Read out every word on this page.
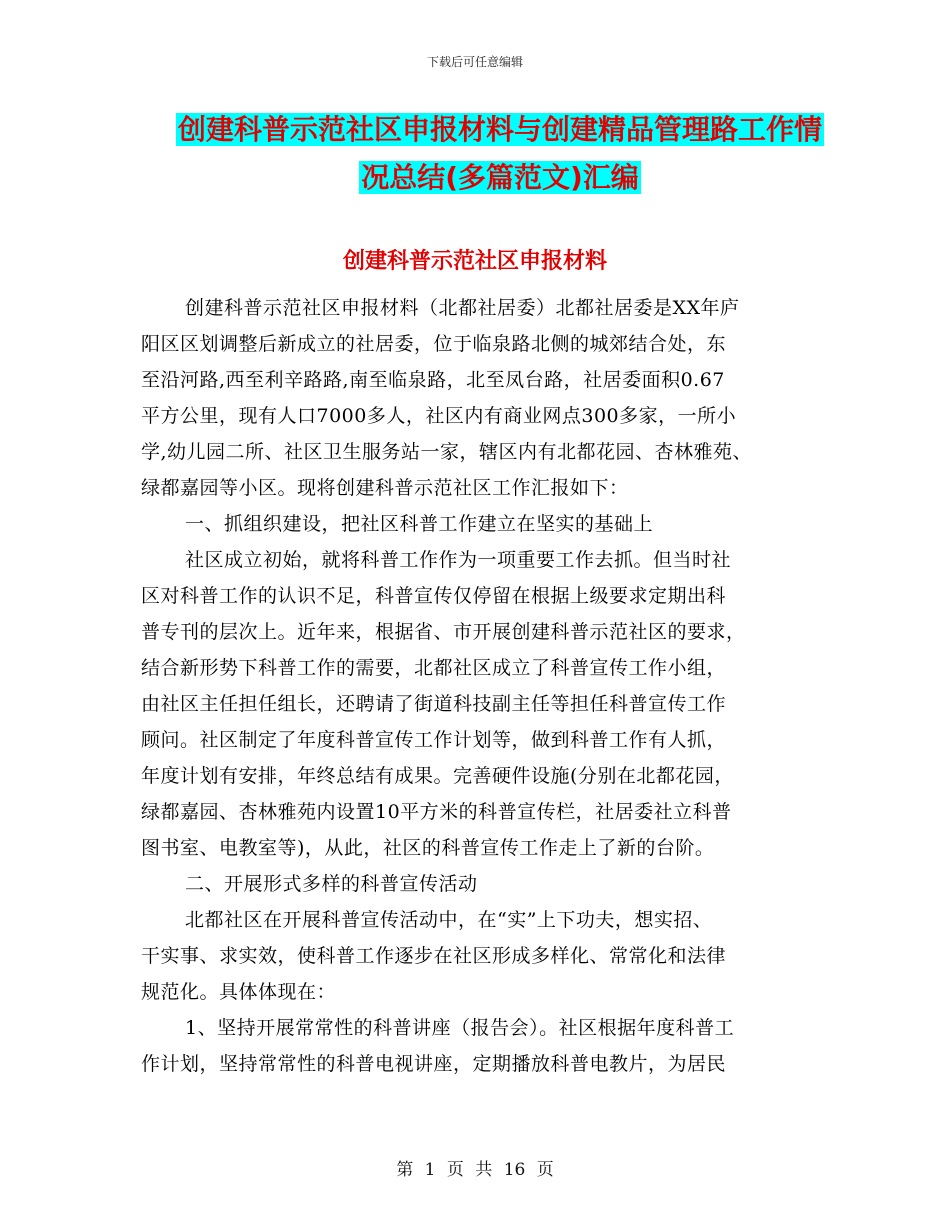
下载后可任意编辑
创建科普示范社区申报材料与创建精品管理路工作情
况总结(多篇范文)汇编
创建科普示范社区申报材料
创建科普示范社区申报材料（北都社居委）北都社居委是XX年庐
阳区区划调整后新成立的社居委，位于临泉路北侧的城郊结合处，东
至沿河路,西至利辛路路,南至临泉路，北至凤台路，社居委面积0.67
平方公里，现有人口7000多人，社区内有商业网点300多家，一所小
学,幼儿园二所、社区卫生服务站一家，辖区内有北都花园、杏林雅苑、
绿都嘉园等小区。现将创建科普示范社区工作汇报如下：
一、抓组织建设，把社区科普工作建立在坚实的基础上
社区成立初始，就将科普工作作为一项重要工作去抓。但当时社
区对科普工作的认识不足，科普宣传仅停留在根据上级要求定期出科
普专刊的层次上。近年来，根据省、市开展创建科普示范社区的要求，
结合新形势下科普工作的需要，北都社区成立了科普宣传工作小组，
由社区主任担任组长，还聘请了街道科技副主任等担任科普宣传工作
顾问。社区制定了年度科普宣传工作计划等，做到科普工作有人抓，
年度计划有安排，年终总结有成果。完善硬件设施(分别在北都花园，
绿都嘉园、杏林雅苑内设置10平方米的科普宣传栏，社居委社立科普
图书室、电教室等)，从此，社区的科普宣传工作走上了新的台阶。
二、开展形式多样的科普宣传活动
北都社区在开展科普宣传活动中，在“实”上下功夫，想实招、
干实事、求实效，使科普工作逐步在社区形成多样化、常常化和法律
规范化。具体体现在：
1、坚持开展常常性的科普讲座（报告会）。社区根据年度科普工
作计划，坚持常常性的科普电视讲座，定期播放科普电教片，为居民
第 1 页 共 16 页
